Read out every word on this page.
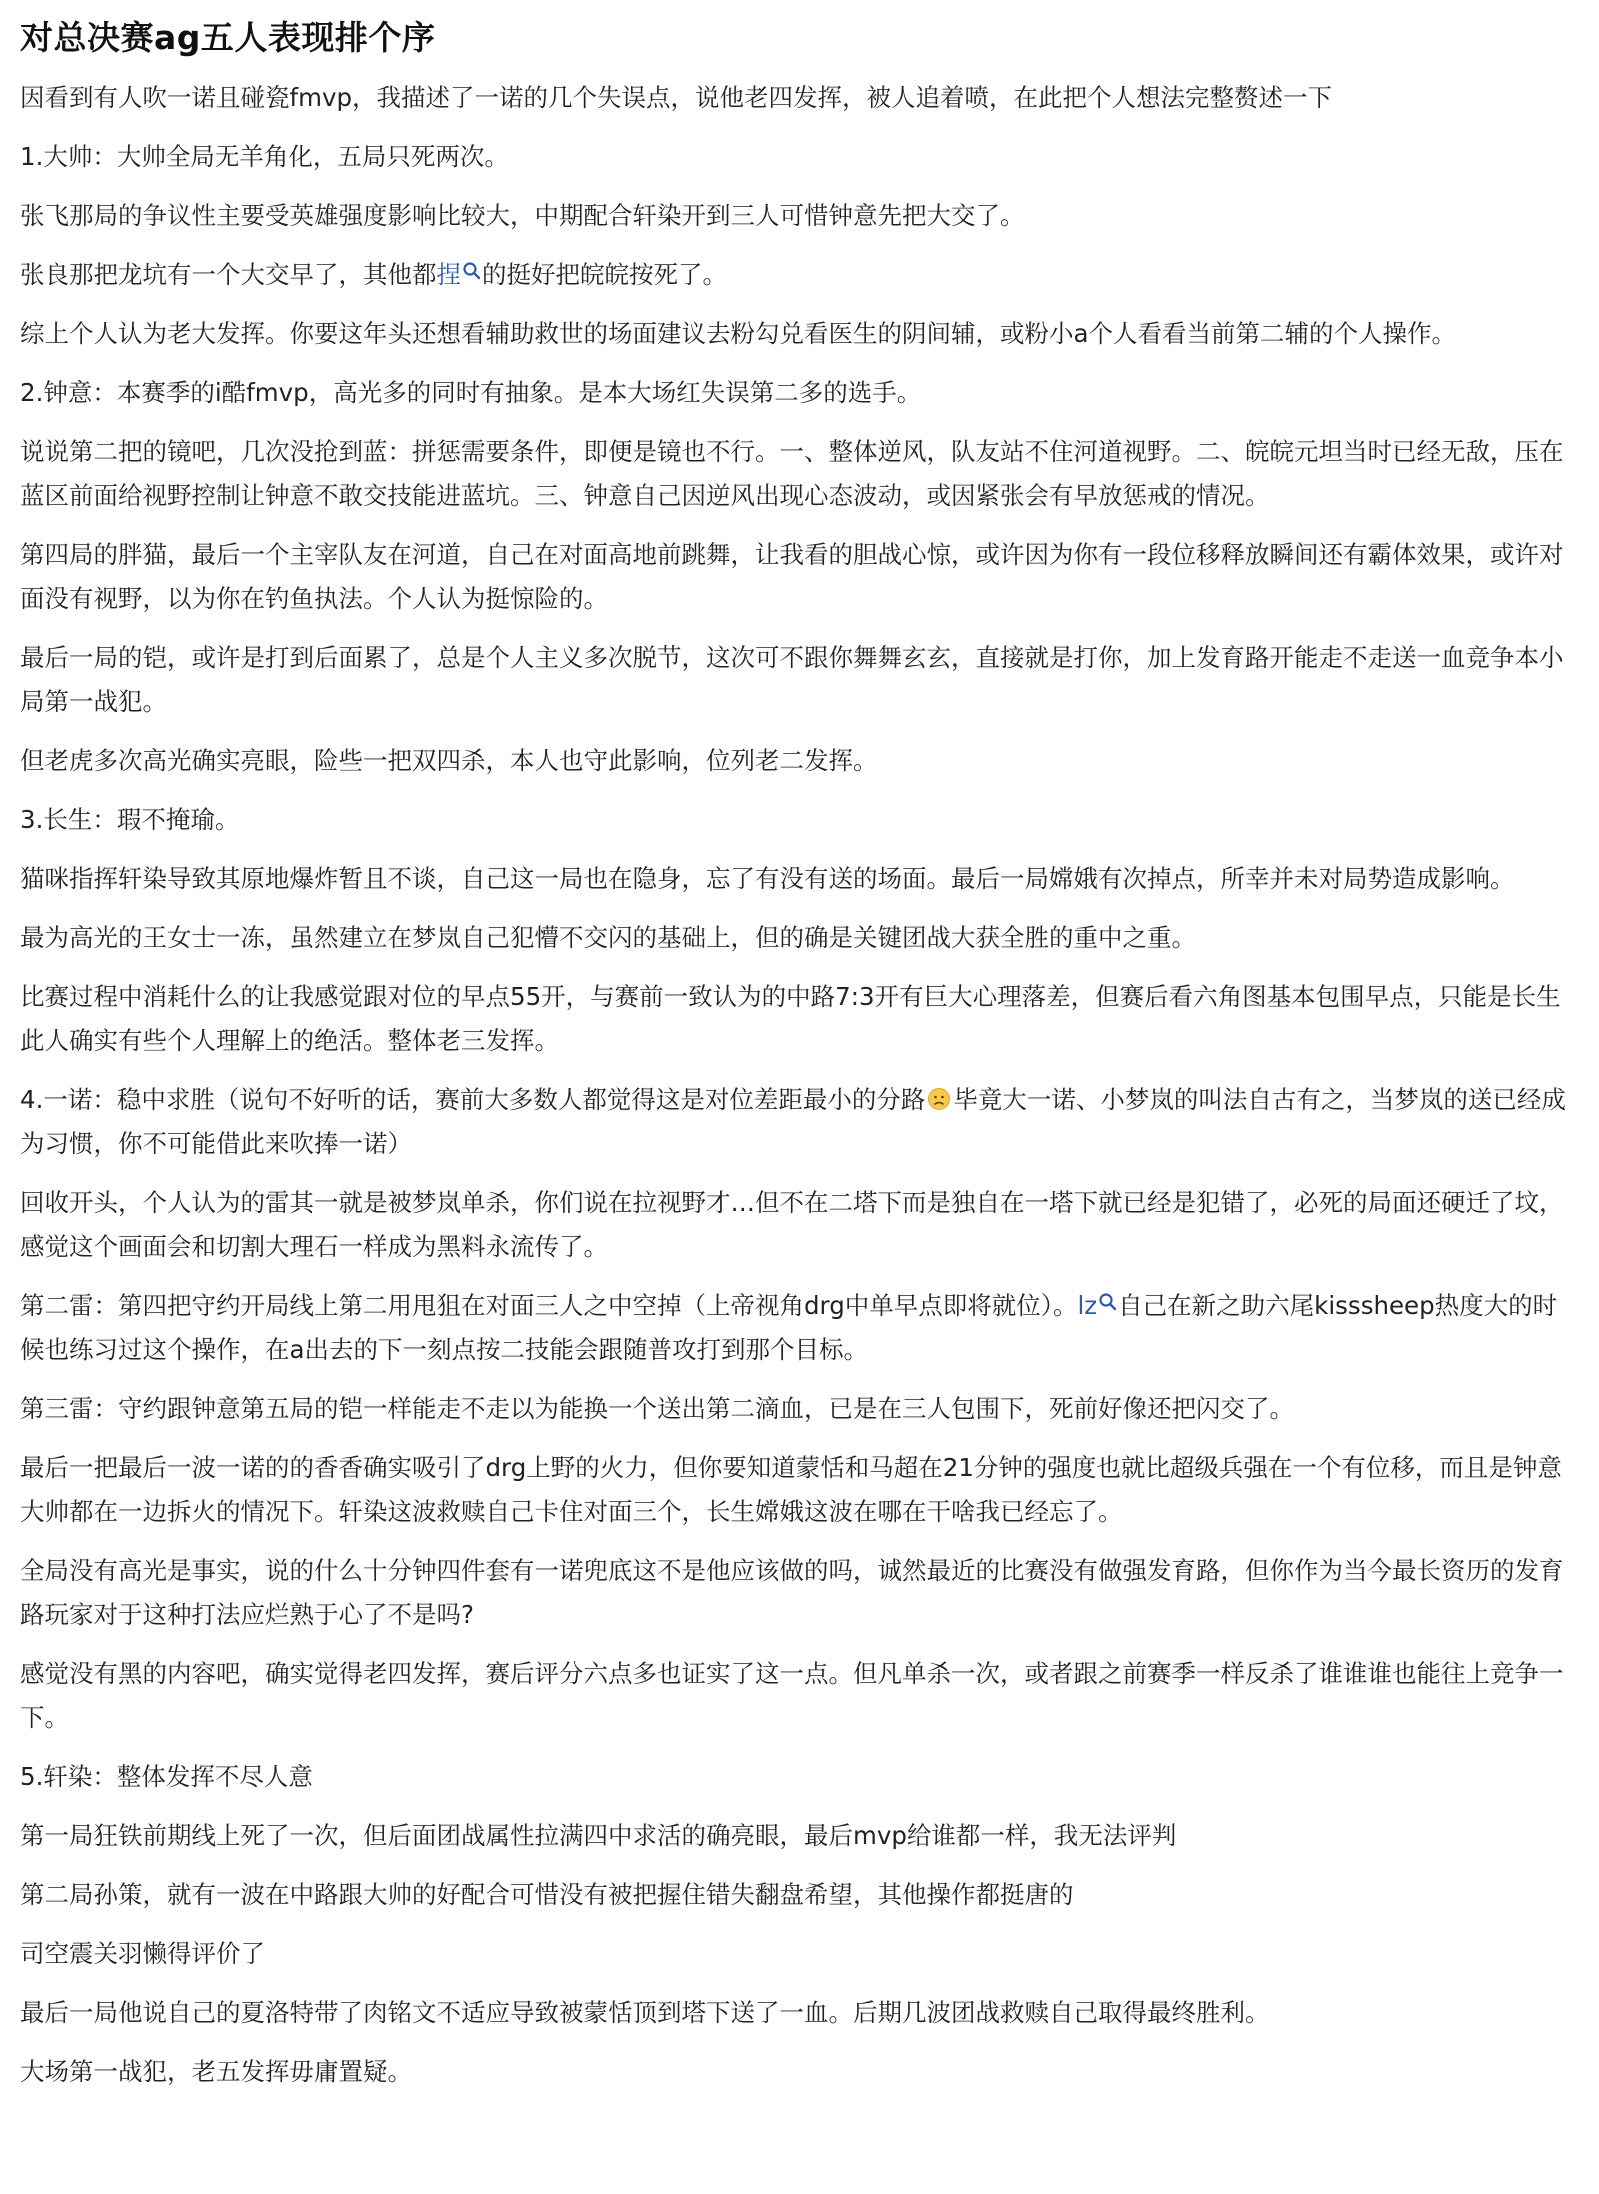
对总决赛ag五人表现排个序

因看到有人吹一诺且碰瓷fmvp，我描述了一诺的几个失误点，说他老四发挥，被人追着喷，在此把个人想法完整赘述一下

1.大帅：大帅全局无羊角化，五局只死两次。

张飞那局的争议性主要受英雄强度影响比较大，中期配合轩染开到三人可惜钟意先把大交了。

张良那把龙坑有一个大交早了，其他都捏 的挺好把皖皖按死了。

综上个人认为老大发挥。你要这年头还想看辅助救世的场面建议去粉勾兑看医生的阴间辅，或粉小a个人看看当前第二辅的个人操作。

2.钟意：本赛季的i酷fmvp，高光多的同时有抽象。是本大场红失误第二多的选手。

说说第二把的镜吧，几次没抢到蓝：拼惩需要条件，即便是镜也不行。一、整体逆风，队友站不住河道视野。二、皖皖元坦当时已经无敌，压在蓝区前面给视野控制让钟意不敢交技能进蓝坑。三、钟意自己因逆风出现心态波动，或因紧张会有早放惩戒的情况。

第四局的胖猫，最后一个主宰队友在河道，自己在对面高地前跳舞，让我看的胆战心惊，或许因为你有一段位移释放瞬间还有霸体效果，或许对面没有视野，以为你在钓鱼执法。个人认为挺惊险的。

最后一局的铠，或许是打到后面累了，总是个人主义多次脱节，这次可不跟你舞舞玄玄，直接就是打你，加上发育路开能走不走送一血竞争本小局第一战犯。

但老虎多次高光确实亮眼，险些一把双四杀，本人也守此影响，位列老二发挥。

3.长生：瑕不掩瑜。

猫咪指挥轩染导致其原地爆炸暂且不谈，自己这一局也在隐身，忘了有没有送的场面。最后一局嫦娥有次掉点，所幸并未对局势造成影响。

最为高光的王女士一冻，虽然建立在梦岚自己犯懵不交闪的基础上，但的确是关键团战大获全胜的重中之重。

比赛过程中消耗什么的让我感觉跟对位的早点55开，与赛前一致认为的中路7:3开有巨大心理落差，但赛后看六角图基本包围早点，只能是长生此人确实有些个人理解上的绝活。整体老三发挥。

4.一诺：稳中求胜（说句不好听的话，赛前大多数人都觉得这是对位差距最小的分路 毕竟大一诺、小梦岚的叫法自古有之，当梦岚的送已经成为习惯，你不可能借此来吹捧一诺）

回收开头，个人认为的雷其一就是被梦岚单杀，你们说在拉视野才…但不在二塔下而是独自在一塔下就已经是犯错了，必死的局面还硬迁了坟，感觉这个画面会和切割大理石一样成为黑料永流传了。

第二雷：第四把守约开局线上第二用甩狙在对面三人之中空掉（上帝视角drg中单早点即将就位）。lz 自己在新之助六尾kisssheep热度大的时候也练习过这个操作，在a出去的下一刻点按二技能会跟随普攻打到那个目标。

第三雷：守约跟钟意第五局的铠一样能走不走以为能换一个送出第二滴血，已是在三人包围下，死前好像还把闪交了。

最后一把最后一波一诺的的香香确实吸引了drg上野的火力，但你要知道蒙恬和马超在21分钟的强度也就比超级兵强在一个有位移，而且是钟意大帅都在一边拆火的情况下。轩染这波救赎自己卡住对面三个，长生嫦娥这波在哪在干啥我已经忘了。

全局没有高光是事实，说的什么十分钟四件套有一诺兜底这不是他应该做的吗，诚然最近的比赛没有做强发育路，但你作为当今最长资历的发育路玩家对于这种打法应烂熟于心了不是吗?

感觉没有黑的内容吧，确实觉得老四发挥，赛后评分六点多也证实了这一点。但凡单杀一次，或者跟之前赛季一样反杀了谁谁谁也能往上竞争一下。

5.轩染：整体发挥不尽人意

第一局狂铁前期线上死了一次，但后面团战属性拉满四中求活的确亮眼，最后mvp给谁都一样，我无法评判

第二局孙策，就有一波在中路跟大帅的好配合可惜没有被把握住错失翻盘希望，其他操作都挺唐的

司空震关羽懒得评价了

最后一局他说自己的夏洛特带了肉铭文不适应导致被蒙恬顶到塔下送了一血。后期几波团战救赎自己取得最终胜利。

大场第一战犯，老五发挥毋庸置疑。
